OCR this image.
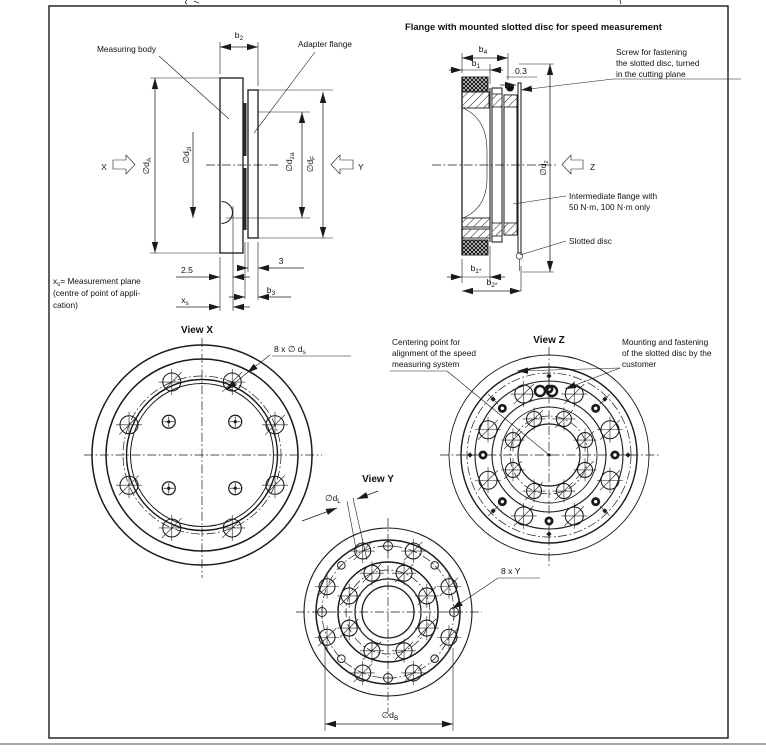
Measuring body	Adapter flange
$b_2$
$\emptyset d_A$	$\emptyset d_{zi}$
$\emptyset d_{za}$
$\emptyset d_F$
X	Y
2.5
3
$b_3$
$x_s$
$x_s=$ Measurement plane
(centre of point of appli-
cation)
Flange with mounted slotted disc for speed measurement
$b_4$
$b_1$	0.3
$\emptyset d_z$
Z
$b_{1*}$
$b_{2*}$
Screw for fastening
the slotted disc, turned
in the cutting plane
Intermediate flange with
50 N·m, 100 N·m only
Slotted disc
View X
8 x ∅ $d_s$
View Y
$\emptyset d_L$
8 x Y
$\emptyset d_B$
View Z
Centering point for
alignment of the speed
measuring system
Mounting and fastening
of the slotted disc by the
customer
